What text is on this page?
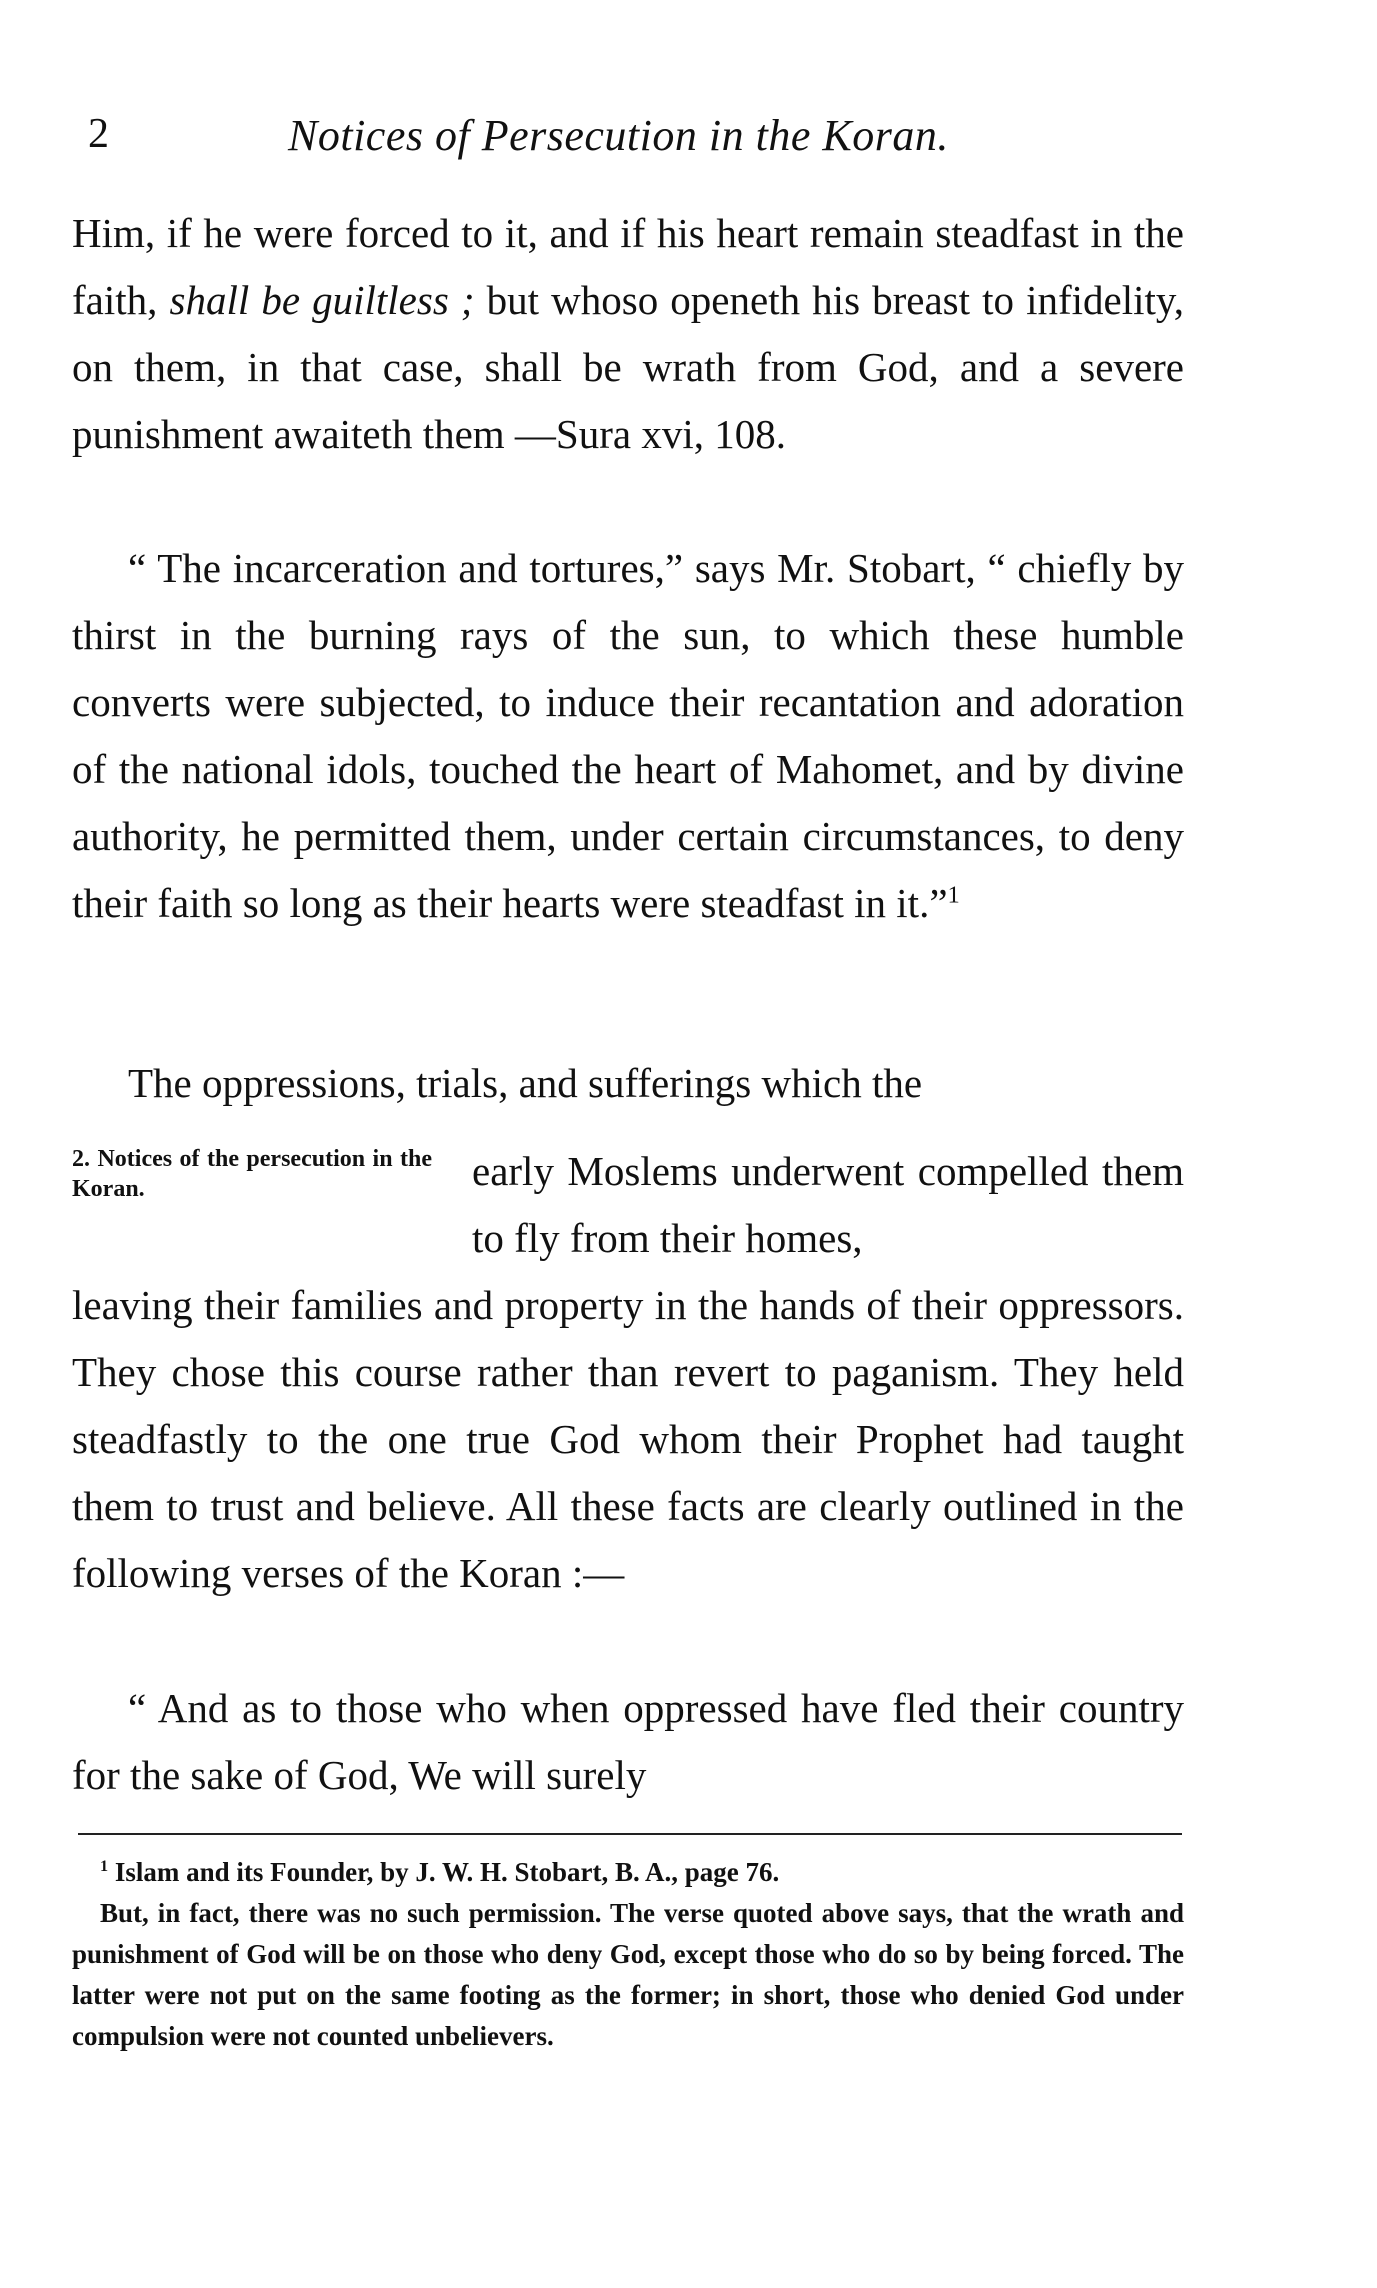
2	Notices of Persecution in the Koran.

Him, if he were forced to it, and if his heart remain steadfast in the faith, shall be guiltless ; but whoso openeth his breast to infidelity, on them, in that case, shall be wrath from God, and a severe punishment awaiteth them —Sura xvi, 108.

“ The incarceration and tortures,” says Mr. Stobart, “ chiefly by thirst in the burning rays of the sun, to which these humble converts were subjected, to induce their recantation and adoration of the national idols, touched the heart of Mahomet, and by divine authority, he permitted them, under certain circumstances, to deny their faith so long as their hearts were steadfast in it.”$^1$

The oppressions, trials, and sufferings which the

2. Notices of the persecution in the Koran.	early Moslems underwent compelled them to fly from their homes,

leaving their families and property in the hands of their oppressors. They chose this course rather than revert to paganism. They held steadfastly to the one true God whom their Prophet had taught them to trust and believe. All these facts are clearly outlined in the following verses of the Koran :—

“ And as to those who when oppressed have fled their country for the sake of God, We will surely

$^1$ Islam and its Founder, by J. W. H. Stobart, B. A., page 76.

But, in fact, there was no such permission. The verse quoted above says, that the wrath and punishment of God will be on those who deny God, except those who do so by being forced. The latter were not put on the same footing as the former; in short, those who denied God under compulsion were not counted unbelievers.
